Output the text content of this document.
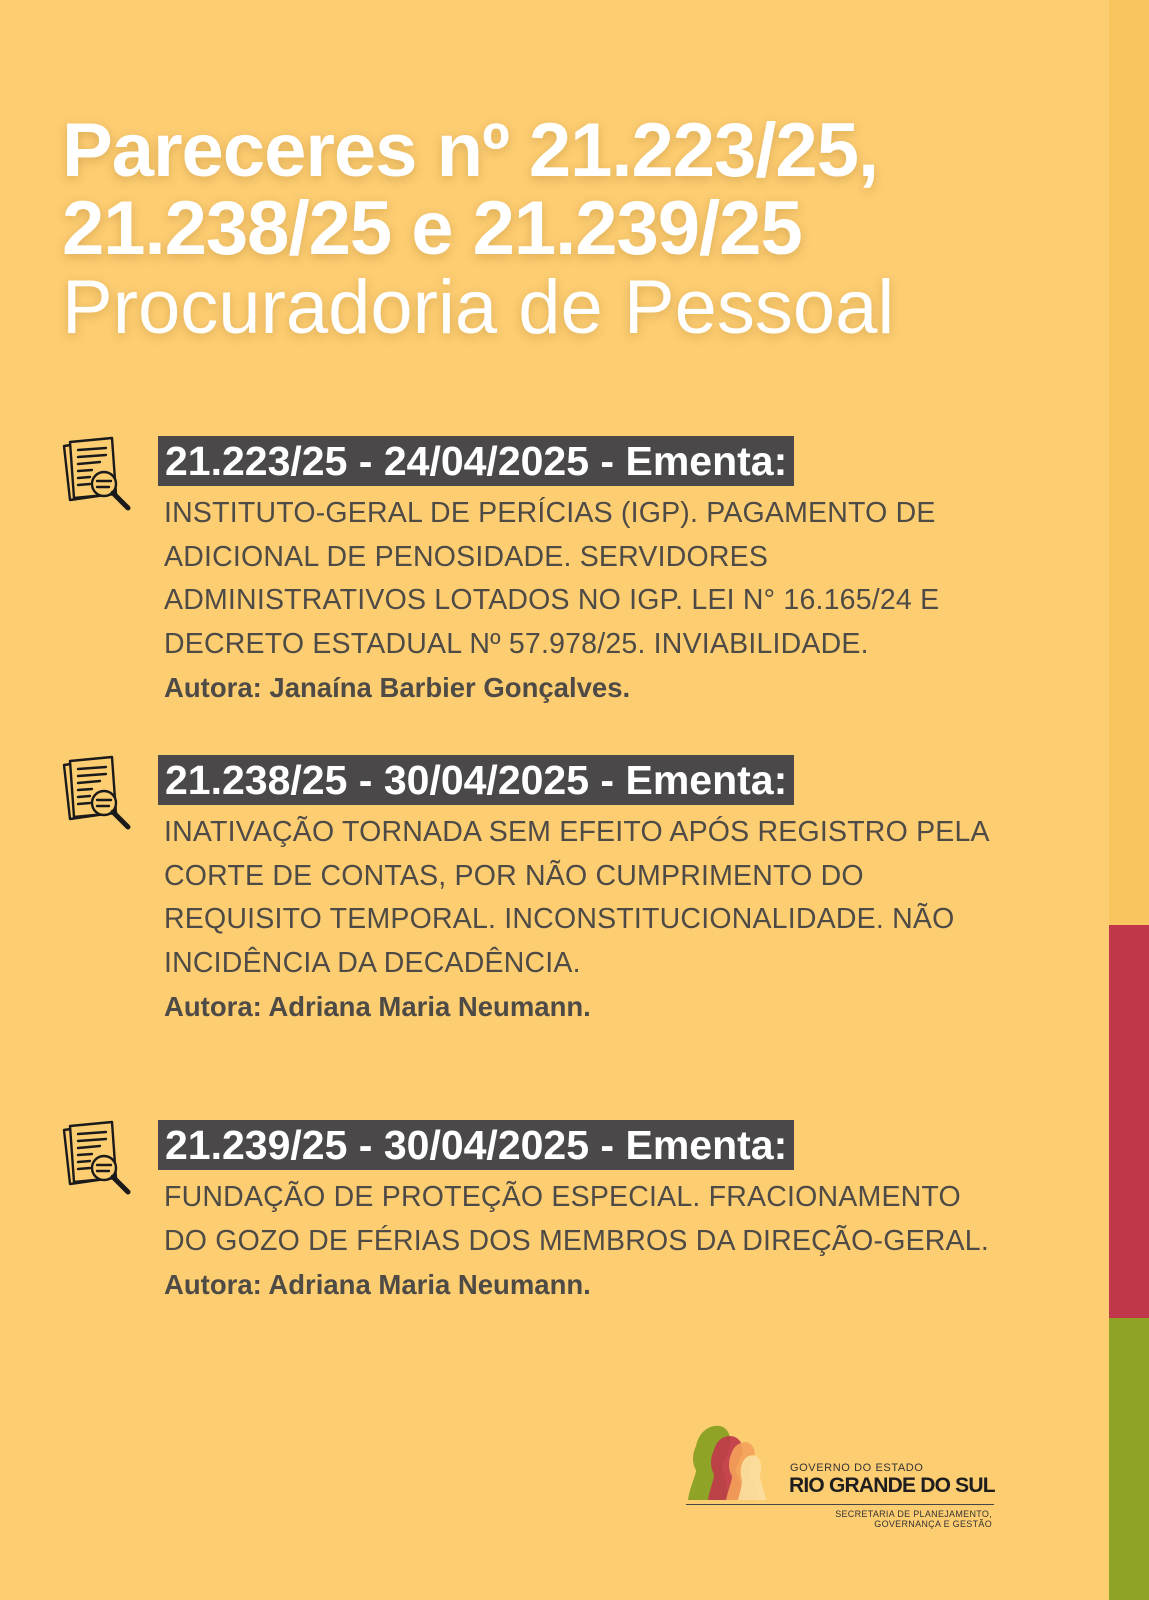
Pareceres nº 21.223/25,
21.238/25 e 21.239/25
Procuradoria de Pessoal
21.223/25 - 24/04/2025 - Ementa:
INSTITUTO-GERAL DE PERÍCIAS (IGP). PAGAMENTO DE
ADICIONAL DE PENOSIDADE. SERVIDORES
ADMINISTRATIVOS LOTADOS NO IGP. LEI N° 16.165/24 E
DECRETO ESTADUAL Nº 57.978/25. INVIABILIDADE.
Autora: Janaína Barbier Gonçalves.
21.238/25 - 30/04/2025 - Ementa:
INATIVAÇÃO TORNADA SEM EFEITO APÓS REGISTRO PELA
CORTE DE CONTAS, POR NÃO CUMPRIMENTO DO
REQUISITO TEMPORAL. INCONSTITUCIONALIDADE. NÃO
INCIDÊNCIA DA DECADÊNCIA.
Autora: Adriana Maria Neumann.
21.239/25 - 30/04/2025 - Ementa:
FUNDAÇÃO DE PROTEÇÃO ESPECIAL. FRACIONAMENTO
DO GOZO DE FÉRIAS DOS MEMBROS DA DIREÇÃO-GERAL.
Autora: Adriana Maria Neumann.
GOVERNO DO ESTADO
RIO GRANDE DO SUL
SECRETARIA DE PLANEJAMENTO,
GOVERNANÇA E GESTÃO
